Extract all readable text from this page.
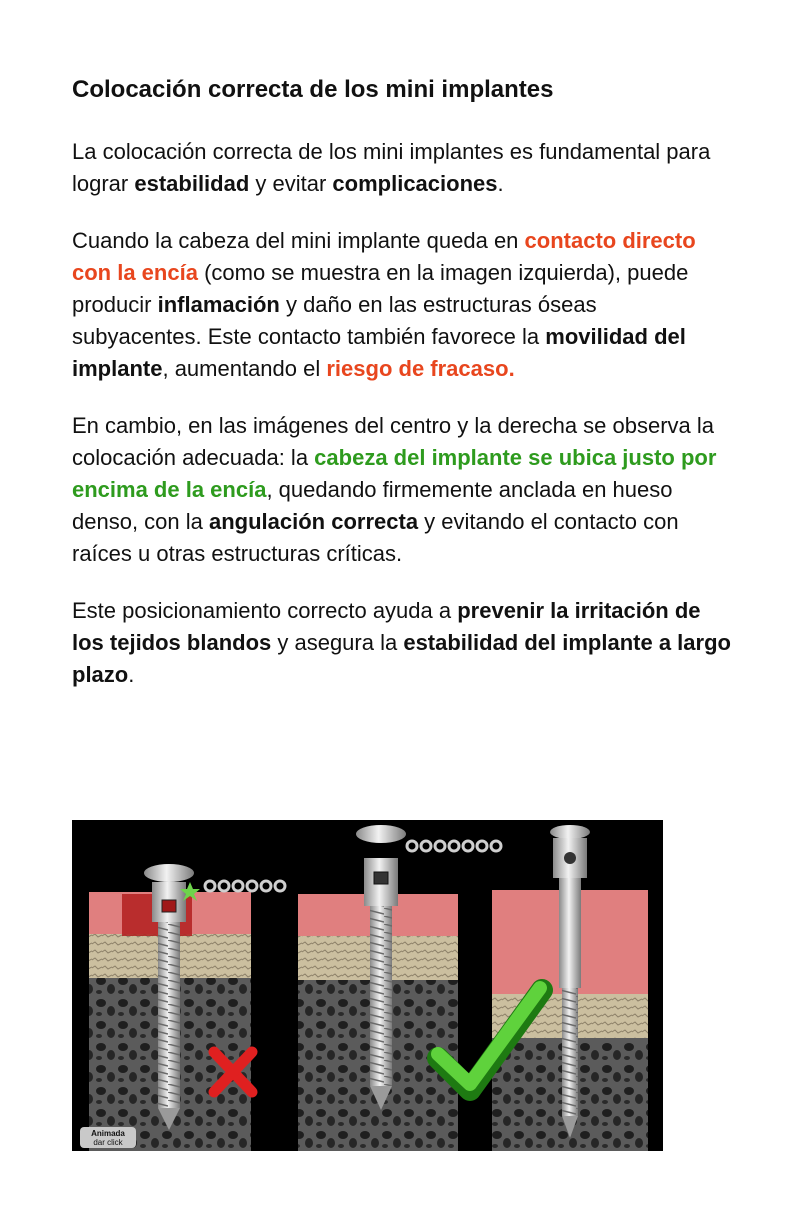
Colocación correcta de los mini implantes

La colocación correcta de los mini implantes es fundamental para lograr estabilidad y evitar complicaciones.

Cuando la cabeza del mini implante queda en contacto directo con la encía (como se muestra en la imagen izquierda), puede producir inflamación y daño en las estructuras óseas subyacentes. Este contacto también favorece la movilidad del implante, aumentando el riesgo de fracaso.

En cambio, en las imágenes del centro y la derecha se observa la colocación adecuada: la cabeza del implante se ubica justo por encima de la encía, quedando firmemente anclada en hueso denso, con la angulación correcta y evitando el contacto con raíces u otras estructuras críticas.

Este posicionamiento correcto ayuda a prevenir la irritación de los tejidos blandos y asegura la estabilidad del implante a largo plazo.

Animada
dar click
